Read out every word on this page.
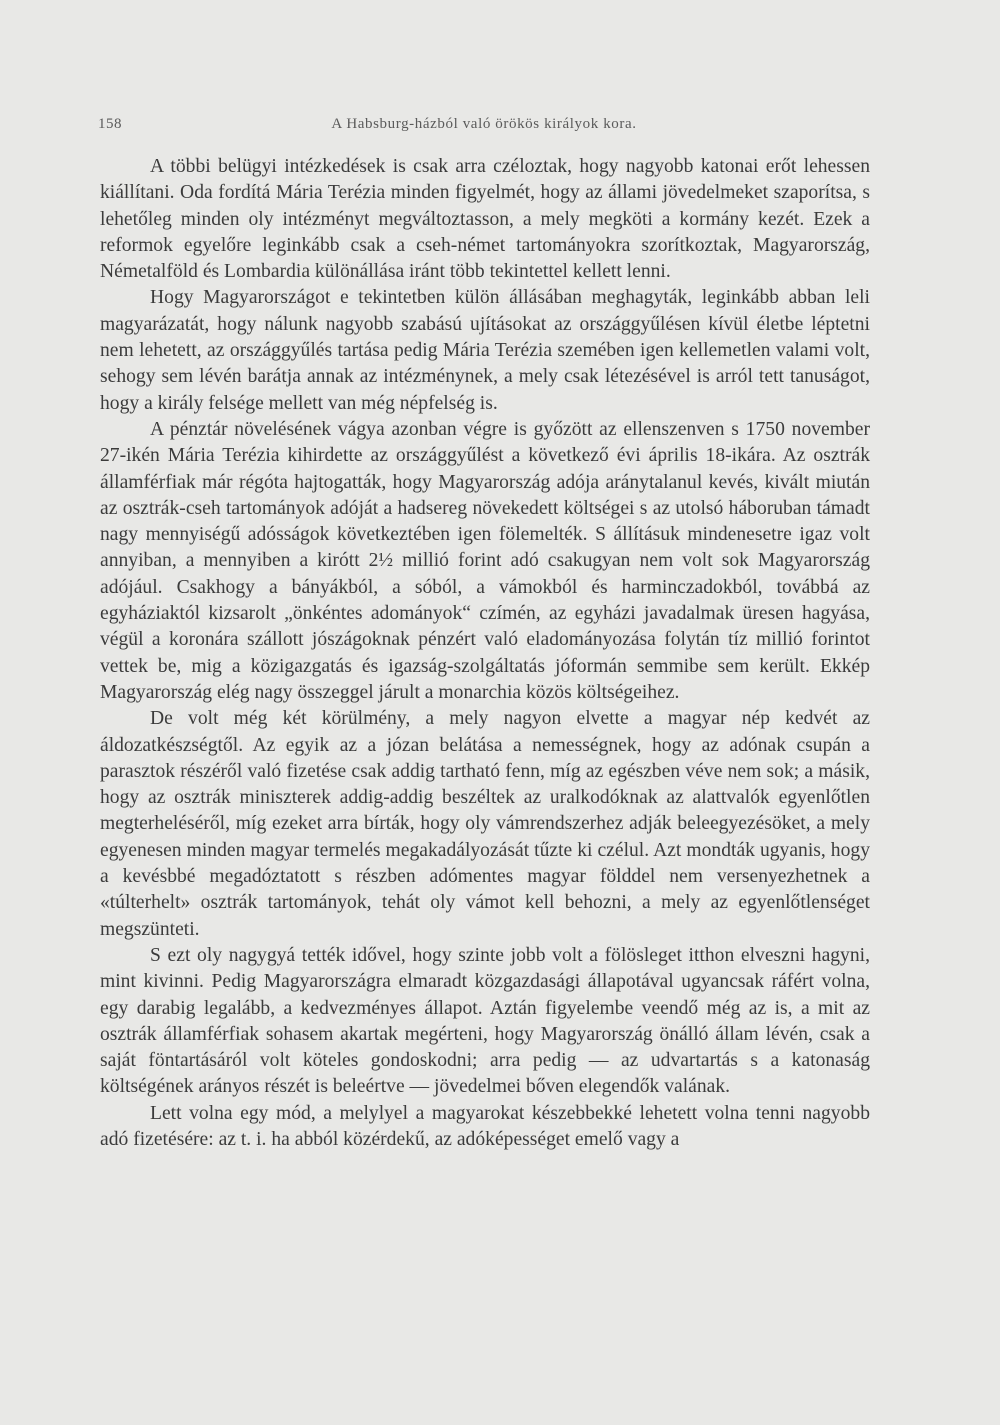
158	A Habsburg-házból való örökös királyok kora.

A többi belügyi intézkedések is csak arra czéloztak, hogy nagyobb katonai erőt lehessen kiállítani. Oda fordítá Mária Terézia minden figyelmét, hogy az állami jövedelmeket szaporítsa, s lehetőleg minden oly intézményt megváltoztasson, a mely megköti a kormány kezét. Ezek a reformok egyelőre leginkább csak a cseh-német tartományokra szorítkoztak, Magyarország, Németalföld és Lombardia különállása iránt több tekintettel kellett lenni.

Hogy Magyarországot e tekintetben külön állásában meghagyták, leginkább abban leli magyarázatát, hogy nálunk nagyobb szabású ujításokat az országgyűlésen kívül életbe léptetni nem lehetett, az országgyűlés tartása pedig Mária Terézia szemében igen kellemetlen valami volt, sehogy sem lévén barátja annak az intézménynek, a mely csak létezésével is arról tett tanuságot, hogy a király felsége mellett van még népfelség is.

A pénztár növelésének vágya azonban végre is győzött az ellenszenven s 1750 november 27-ikén Mária Terézia kihirdette az országgyűlést a következő évi április 18-ikára. Az osztrák államférfiak már régóta hajtogatták, hogy Magyarország adója aránytalanul kevés, kivált miután az osztrák-cseh tartományok adóját a hadsereg növekedett költségei s az utolsó háboruban támadt nagy mennyiségű adósságok következtében igen fölemelték. S állításuk mindenesetre igaz volt annyiban, a mennyiben a kirótt 2½ millió forint adó csakugyan nem volt sok Magyarország adójául. Csakhogy a bányákból, a sóból, a vámokból és harminczadokból, továbbá az egyháziaktól kizsarolt „önkéntes adományok“ czímén, az egyházi javadalmak üresen hagyása, végül a koronára szállott jószágoknak pénzért való eladományozása folytán tíz millió forintot vettek be, mig a közigazgatás és igazság-szolgáltatás jóformán semmibe sem került. Ekkép Magyarország elég nagy összeggel járult a monarchia közös költségeihez.

De volt még két körülmény, a mely nagyon elvette a magyar nép kedvét az áldozatkészségtől. Az egyik az a józan belátása a nemességnek, hogy az adónak csupán a parasztok részéről való fizetése csak addig tartható fenn, míg az egészben véve nem sok; a másik, hogy az osztrák miniszterek addig-addig beszéltek az uralkodóknak az alattvalók egyenlőtlen megterheléséről, míg ezeket arra bírták, hogy oly vámrendszerhez adják beleegyezésöket, a mely egyenesen minden magyar termelés megakadályozását tűzte ki czélul. Azt mondták ugyanis, hogy a kevésbbé megadóztatott s részben adómentes magyar földdel nem versenyezhetnek a «túlterhelt» osztrák tartományok, tehát oly vámot kell behozni, a mely az egyenlőtlenséget megszünteti.

S ezt oly nagygyá tették idővel, hogy szinte jobb volt a fölösleget itthon elveszni hagyni, mint kivinni. Pedig Magyarországra elmaradt közgazdasági állapotával ugyancsak ráfért volna, egy darabig legalább, a kedvezményes állapot. Aztán figyelembe veendő még az is, a mit az osztrák államférfiak sohasem akartak megérteni, hogy Magyarország önálló állam lévén, csak a saját föntartásáról volt köteles gondoskodni; arra pedig — az udvartartás s a katonaság költségének arányos részét is beleértve — jövedelmei bőven elegendők valának.

Lett volna egy mód, a melylyel a magyarokat készebbekké lehetett volna tenni nagyobb adó fizetésére: az t. i. ha abból közérdekű, az adóképességet emelő vagy a
